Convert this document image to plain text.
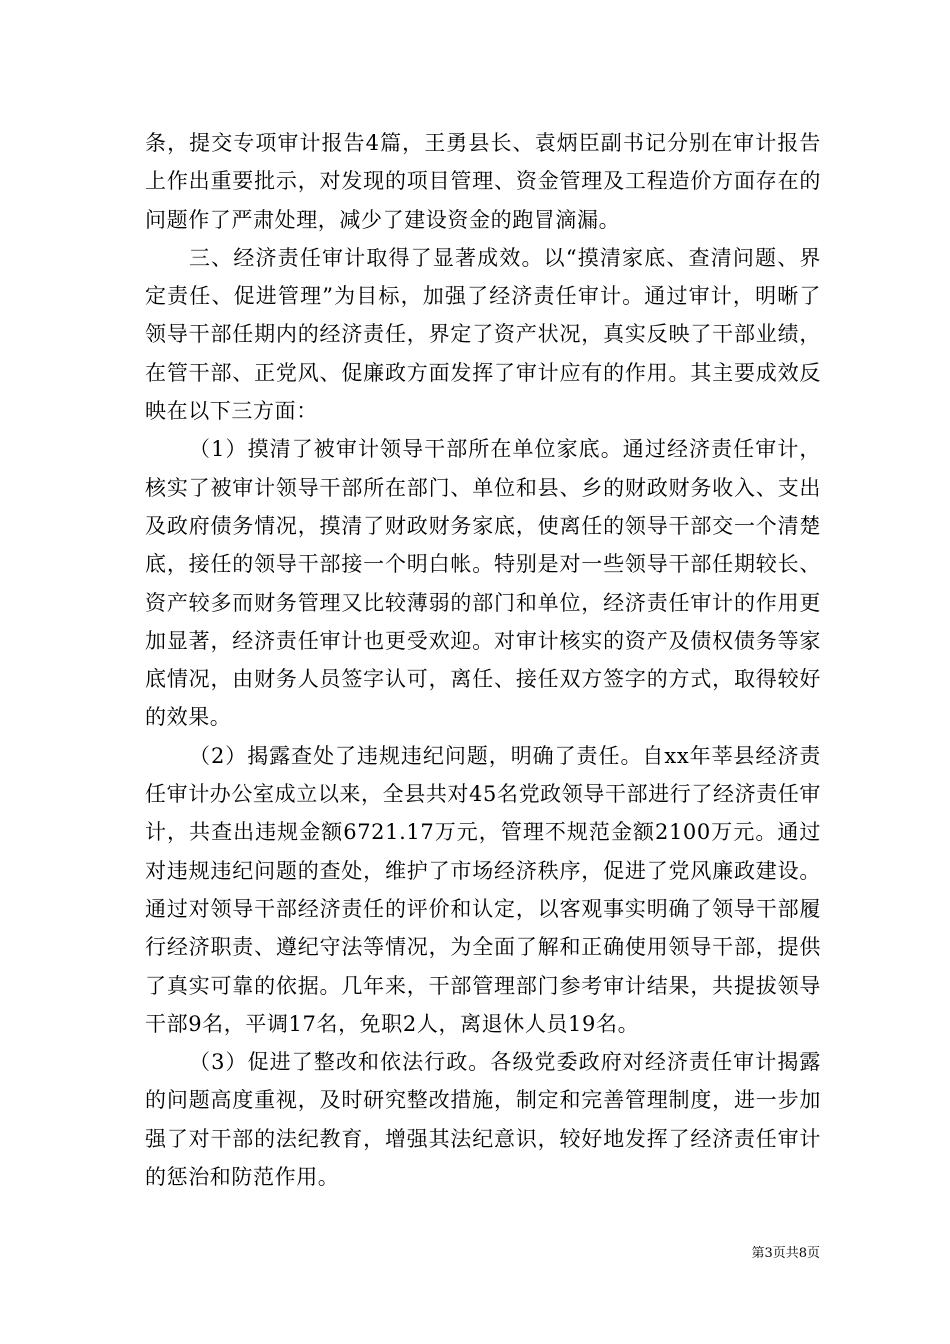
条，提交专项审计报告4篇，王勇县长、袁炳臣副书记分别在审计报告上作出重要批示，对发现的项目管理、资金管理及工程造价方面存在的问题作了严肃处理，减少了建设资金的跑冒滴漏。

三、经济责任审计取得了显著成效。以“摸清家底、查清问题、界定责任、促进管理”为目标，加强了经济责任审计。通过审计，明晰了领导干部任期内的经济责任，界定了资产状况，真实反映了干部业绩，在管干部、正党风、促廉政方面发挥了审计应有的作用。其主要成效反映在以下三方面：

（1）摸清了被审计领导干部所在单位家底。通过经济责任审计，核实了被审计领导干部所在部门、单位和县、乡的财政财务收入、支出及政府债务情况，摸清了财政财务家底，使离任的领导干部交一个清楚底，接任的领导干部接一个明白帐。特别是对一些领导干部任期较长、资产较多而财务管理又比较薄弱的部门和单位，经济责任审计的作用更加显著，经济责任审计也更受欢迎。对审计核实的资产及债权债务等家底情况，由财务人员签字认可，离任、接任双方签字的方式，取得较好的效果。

（2）揭露查处了违规违纪问题，明确了责任。自xx年莘县经济责任审计办公室成立以来，全县共对45名党政领导干部进行了经济责任审计，共查出违规金额6721.17万元，管理不规范金额2100万元。通过对违规违纪问题的查处，维护了市场经济秩序，促进了党风廉政建设。通过对领导干部经济责任的评价和认定，以客观事实明确了领导干部履行经济职责、遵纪守法等情况，为全面了解和正确使用领导干部，提供了真实可靠的依据。几年来，干部管理部门参考审计结果，共提拔领导干部9名，平调17名，免职2人，离退休人员19名。

（3）促进了整改和依法行政。各级党委政府对经济责任审计揭露的问题高度重视，及时研究整改措施，制定和完善管理制度，进一步加强了对干部的法纪教育，增强其法纪意识，较好地发挥了经济责任审计的惩治和防范作用。

第3页共8页
